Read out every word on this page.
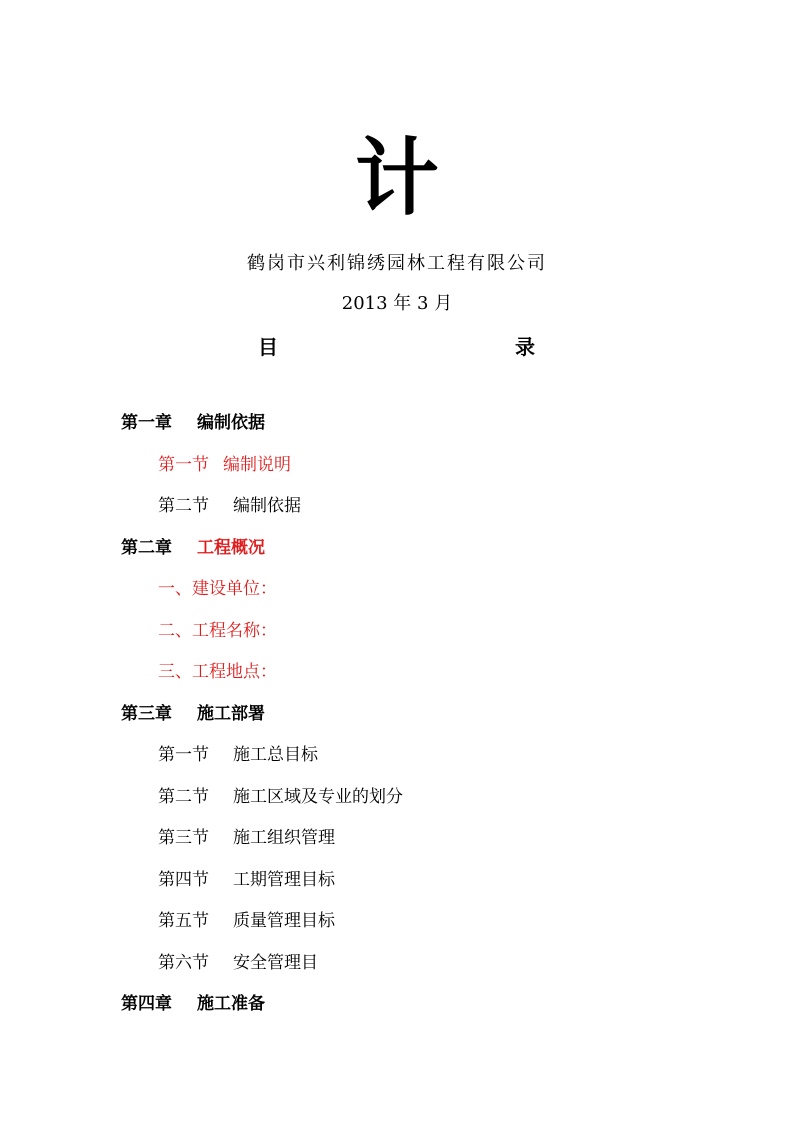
计
鹤岗市兴利锦绣园林工程有限公司
2013 年 3 月
目	录
第一章 编制依据
第一节 编制说明
第二节 编制依据
第二章 工程概况
一、建设单位：
二、工程名称：
三、工程地点：
第三章 施工部署
第一节 施工总目标
第二节 施工区域及专业的划分
第三节 施工组织管理
第四节 工期管理目标
第五节 质量管理目标
第六节 安全管理目
第四章 施工准备
